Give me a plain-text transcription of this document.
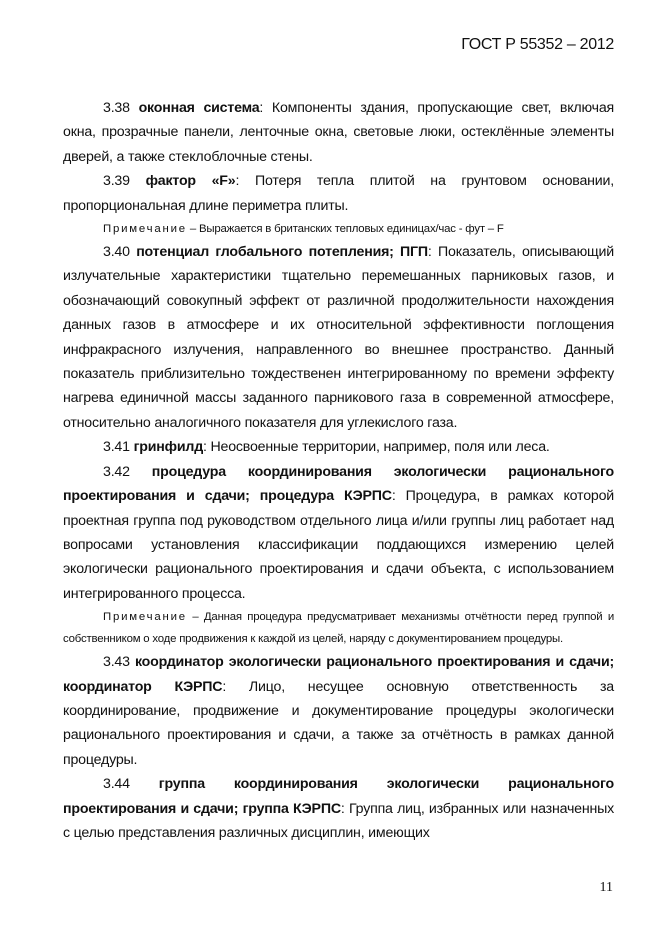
ГОСТ Р 55352 – 2012

3.38 оконная система: Компоненты здания, пропускающие свет, включая окна, прозрачные панели, ленточные окна, световые люки, остеклённые элементы дверей, а также стеклоблочные стены.

3.39 фактор «F»: Потеря тепла плитой на грунтовом основании, пропорциональная длине периметра плиты.

Примечание – Выражается в британских тепловых единицах/час - фут – F

3.40 потенциал глобального потепления; ПГП: Показатель, описывающий излучательные характеристики тщательно перемешанных парниковых газов, и обозначающий совокупный эффект от различной продолжительности нахождения данных газов в атмосфере и их относительной эффективности поглощения инфракрасного излучения, направленного во внешнее пространство. Данный показатель приблизительно тождественен интегрированному по времени эффекту нагрева единичной массы заданного парникового газа в современной атмосфере, относительно аналогичного показателя для углекислого газа.

3.41 гринфилд: Неосвоенные территории, например, поля или леса.

3.42 процедура координирования экологически рационального проектирования и сдачи; процедура КЭРПС: Процедура, в рамках которой проектная группа под руководством отдельного лица и/или группы лиц работает над вопросами установления классификации поддающихся измерению целей экологически рационального проектирования и сдачи объекта, с использованием интегрированного процесса.

Примечание – Данная процедура предусматривает механизмы отчётности перед группой и собственником о ходе продвижения к каждой из целей, наряду с документированием процедуры.

3.43 координатор экологически рационального проектирования и сдачи; координатор КЭРПС: Лицо, несущее основную ответственность за координирование, продвижение и документирование процедуры экологически рационального проектирования и сдачи, а также за отчётность в рамках данной процедуры.

3.44 группа координирования экологически рационального проектирования и сдачи; группа КЭРПС: Группа лиц, избранных или назначенных с целью представления различных дисциплин, имеющих

11
